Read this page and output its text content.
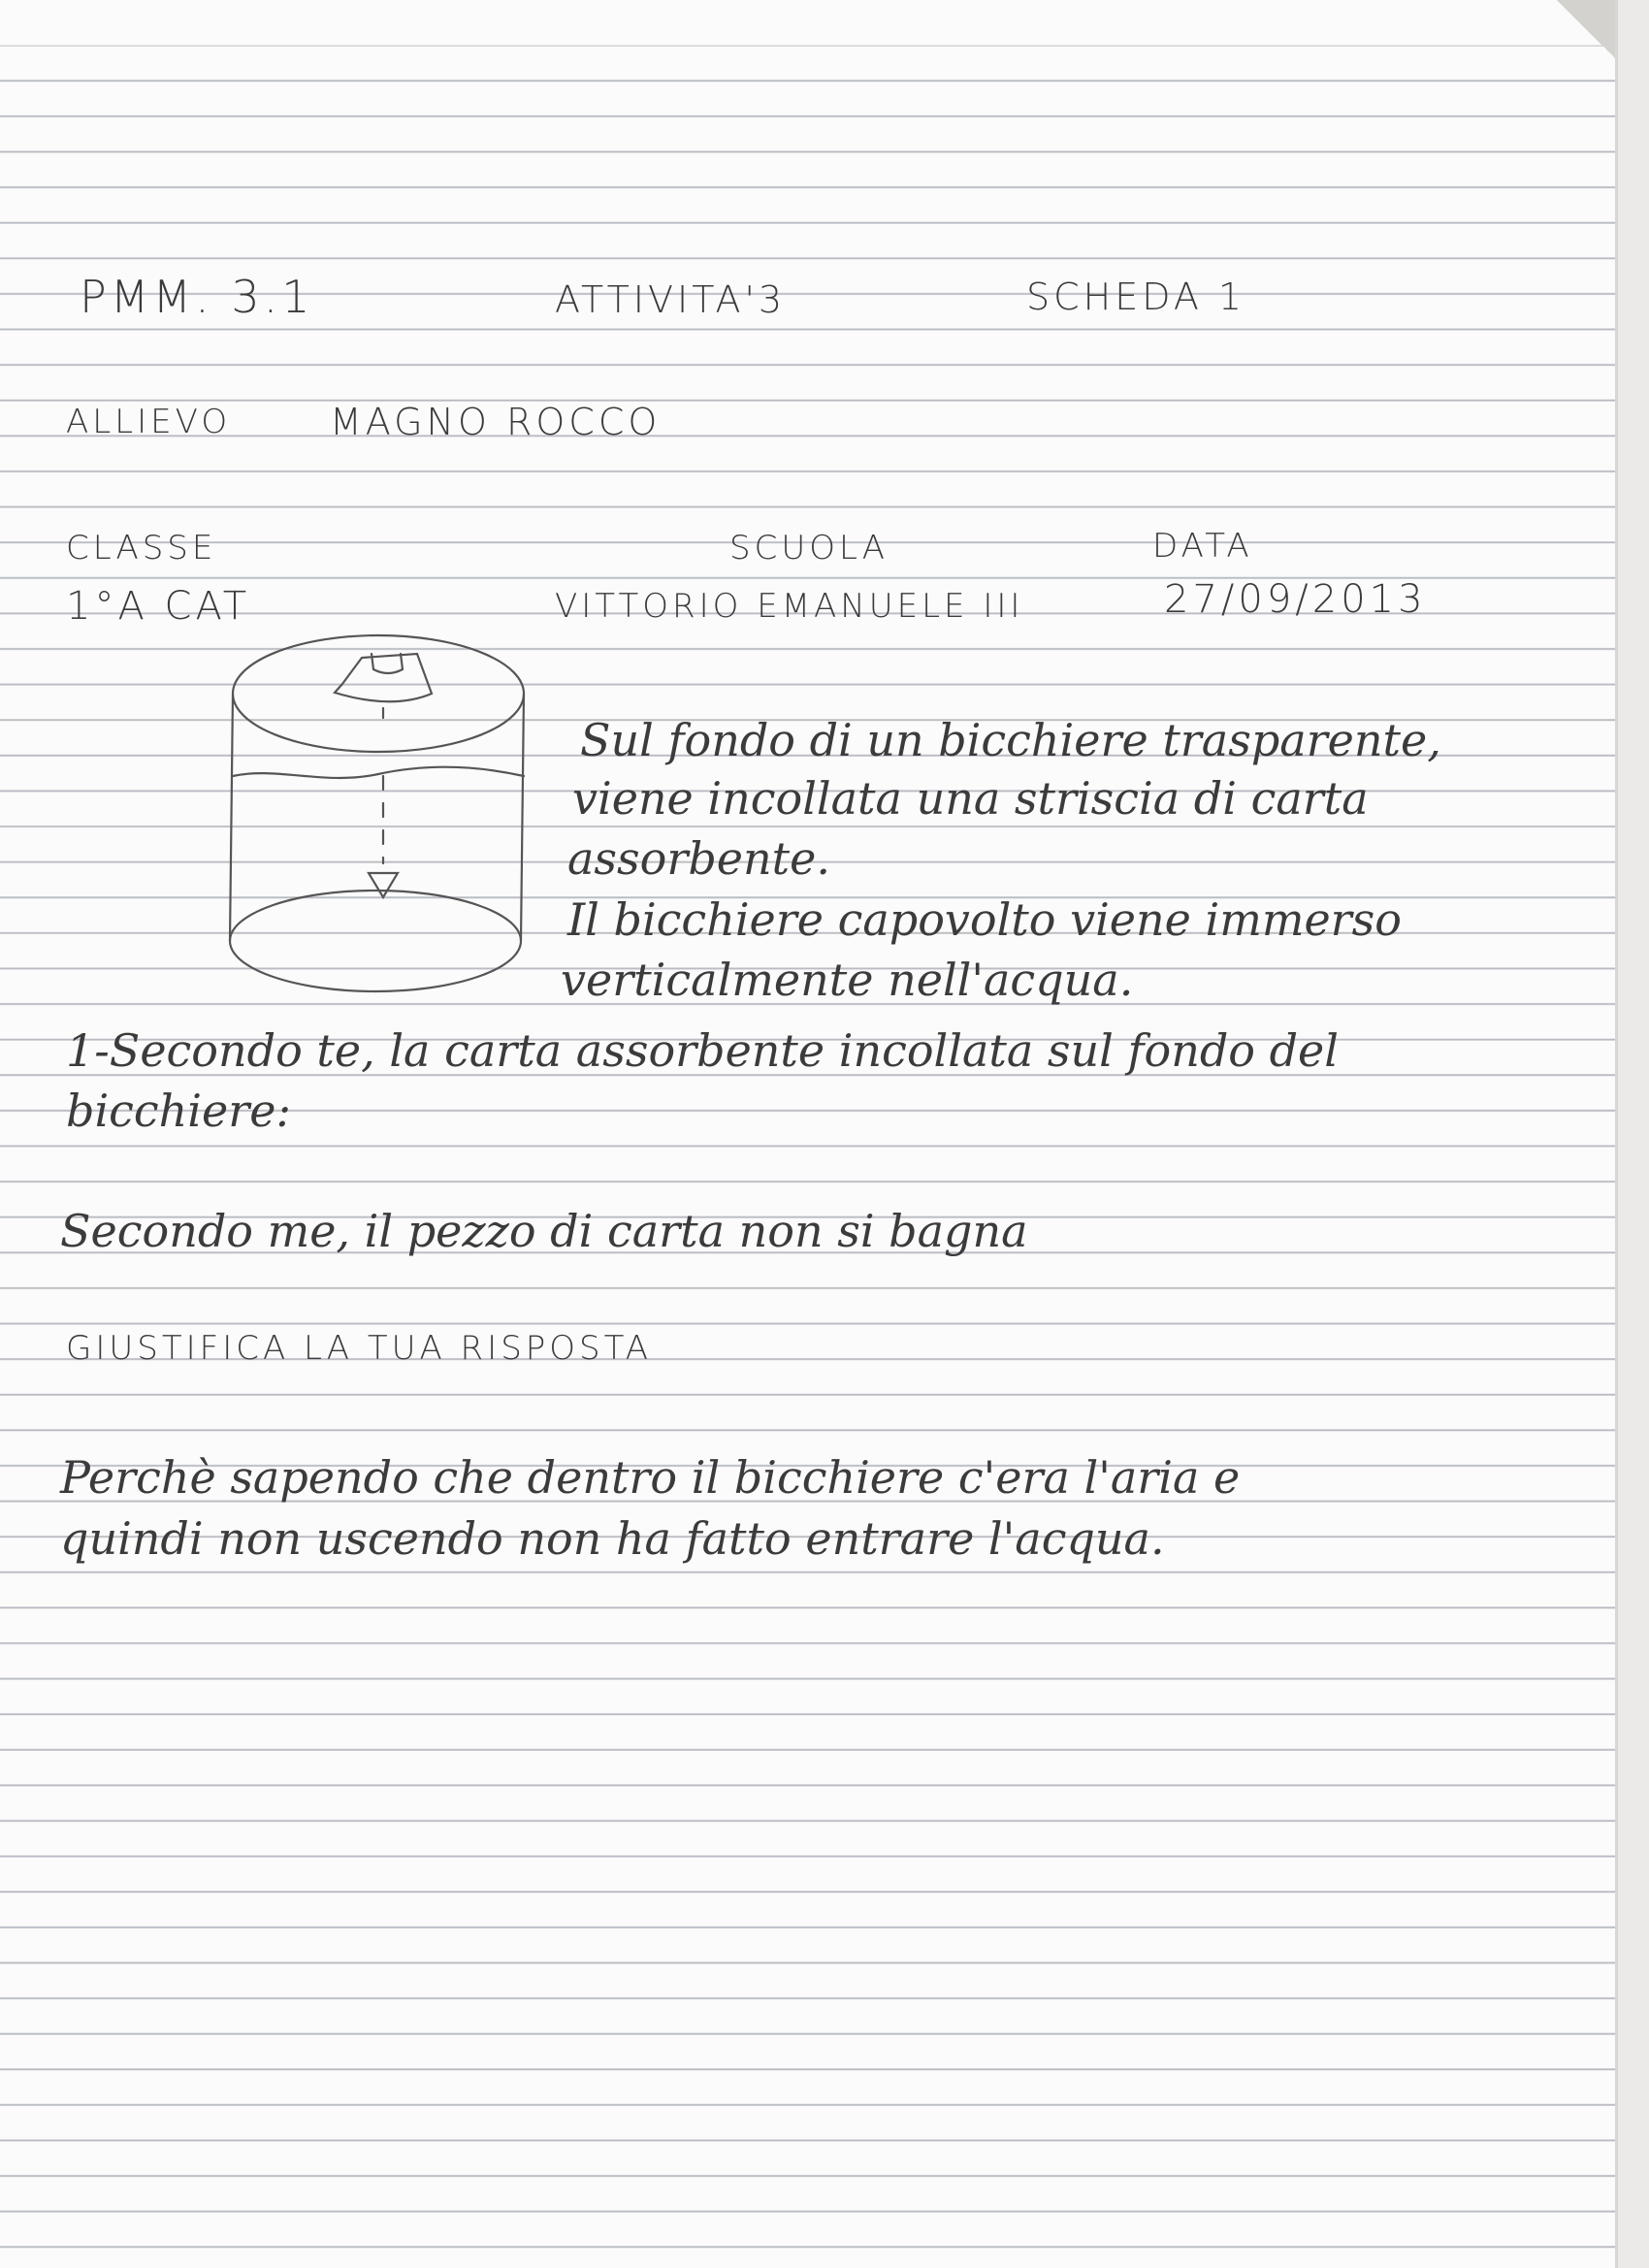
PMM. 3.1	ATTIVITA'3	SCHEDA 1
ALLIEVO	MAGNO ROCCO
CLASSE	SCUOLA	DATA
1°A CAT	VITTORIO EMANUELE III	27/09/2013
Sul fondo di un bicchiere trasparente,
viene incollata una striscia di carta
assorbente.
Il bicchiere capovolto viene immerso
verticalmente nell'acqua.
1-Secondo te, la carta assorbente incollata sul fondo del
bicchiere:
Secondo me, il pezzo di carta non si bagna
GIUSTIFICA LA TUA RISPOSTA
Perchè sapendo che dentro il bicchiere c'era l'aria e
quindi non uscendo non ha fatto entrare l'acqua.
